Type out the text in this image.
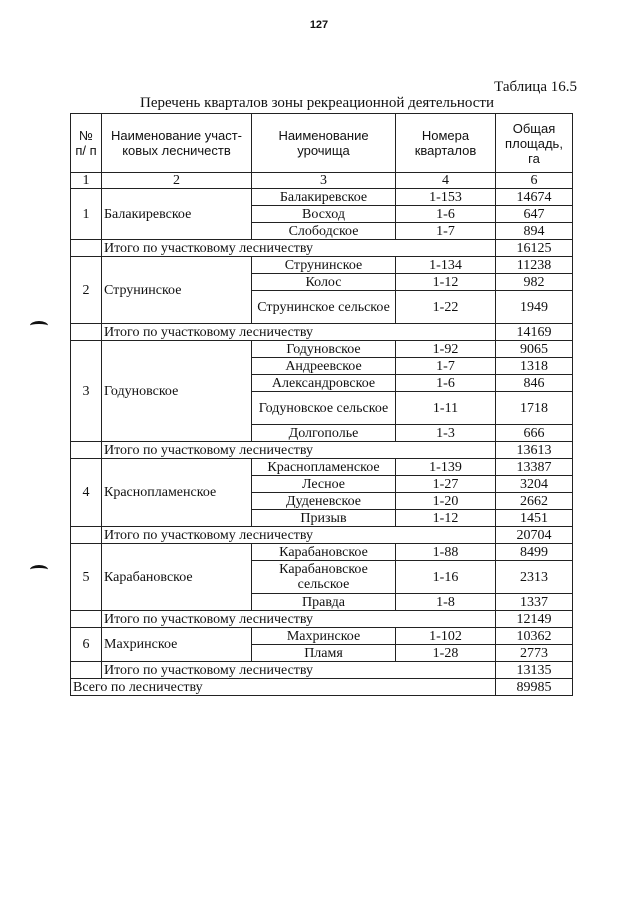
127
Таблица 16.5
Перечень кварталов зоны рекреационной деятельности
№ п/ п	Наименование участ-ковых лесничеств	Наименование урочища	Номера кварталов	Общая площадь, га
1	2	3	4	6
1	Балакиревское	Балакиревское	1-153	14674
		Восход	1-6	647
		Слободское	1-7	894
	Итого по участковому лесничеству			16125
2	Струнинское	Струнинское	1-134	11238
		Колос	1-12	982
		Струнинское сельское	1-22	1949
	Итого по участковому лесничеству			14169
3	Годуновское	Годуновское	1-92	9065
		Андреевское	1-7	1318
		Александровское	1-6	846
		Годуновское сельское	1-11	1718
		Долгополье	1-3	666
	Итого по участковому лесничеству			13613
4	Краснопламенское	Краснопламенское	1-139	13387
		Лесное	1-27	3204
		Дуденевское	1-20	2662
		Призыв	1-12	1451
	Итого по участковому лесничеству			20704
5	Карабановское	Карабановское	1-88	8499
		Карабановское сельское	1-16	2313
		Правда	1-8	1337
	Итого по участковому лесничеству			12149
6	Махринское	Махринское	1-102	10362
		Пламя	1-28	2773
	Итого по участковому лесничеству			13135
Всего по лесничеству				89985
